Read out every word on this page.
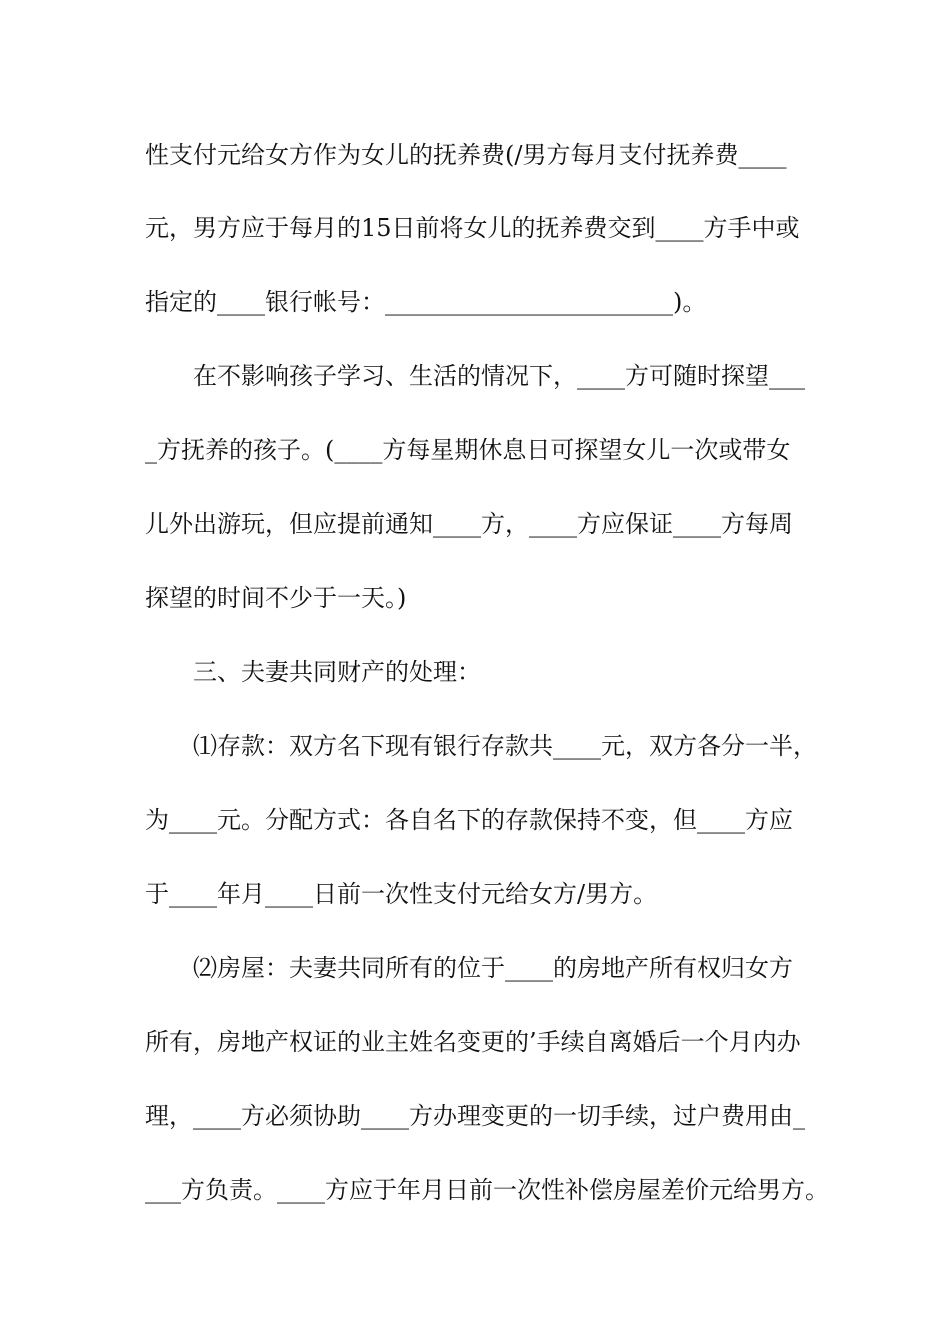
性支付元给女方作为女儿的抚养费(/男方每月支付抚养费____

元，男方应于每月的15日前将女儿的抚养费交到____方手中或

指定的____银行帐号：________________________)。

在不影响孩子学习、生活的情况下，____方可随时探望___

_方抚养的孩子。(____方每星期休息日可探望女儿一次或带女

儿外出游玩，但应提前通知____方，____方应保证____方每周

探望的时间不少于一天。)

三、夫妻共同财产的处理：

⑴存款：双方名下现有银行存款共____元，双方各分一半，

为____元。分配方式：各自名下的存款保持不变，但____方应

于____年月____日前一次性支付元给女方/男方。

⑵房屋：夫妻共同所有的位于____的房地产所有权归女方

所有，房地产权证的业主姓名变更的’手续自离婚后一个月内办

理，____方必须协助____方办理变更的一切手续，过户费用由_

___方负责。____方应于年月日前一次性补偿房屋差价元给男方。
